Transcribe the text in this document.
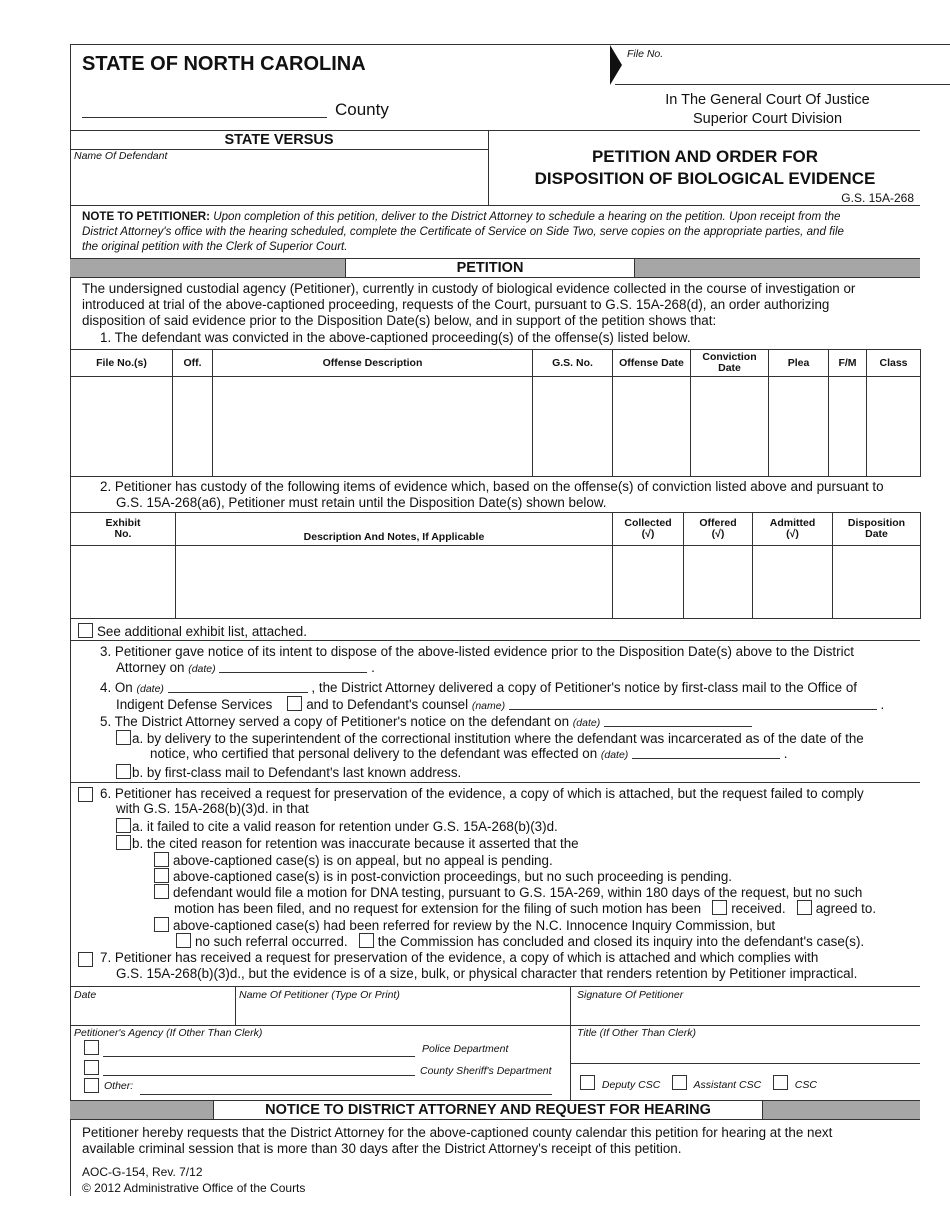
STATE OF NORTH CAROLINA	File No.
County	In The General Court Of Justice
Superior Court Division
STATE VERSUS
Name Of Defendant	PETITION AND ORDER FOR
DISPOSITION OF BIOLOGICAL EVIDENCE
G.S. 15A-268
NOTE TO PETITIONER: Upon completion of this petition, deliver to the District Attorney to schedule a hearing on the petition. Upon receipt from the
District Attorney's office with the hearing scheduled, complete the Certificate of Service on Side Two, serve copies on the appropriate parties, and file
the original petition with the Clerk of Superior Court.
PETITION
The undersigned custodial agency (Petitioner), currently in custody of biological evidence collected in the course of investigation or
introduced at trial of the above-captioned proceeding, requests of the Court, pursuant to G.S. 15A-268(d), an order authorizing
disposition of said evidence prior to the Disposition Date(s) below, and in support of the petition shows that:
1. The defendant was convicted in the above-captioned proceeding(s) of the offense(s) listed below.
File No.(s)	Off.	Offense Description	G.S. No.	Offense Date	Conviction
Date	Plea	F/M	Class

2. Petitioner has custody of the following items of evidence which, based on the offense(s) of conviction listed above and pursuant to
G.S. 15A-268(a6), Petitioner must retain until the Disposition Date(s) shown below.
Exhibit
No.	Description And Notes, If Applicable	Collected
(√)	Offered
(√)	Admitted
(√)	Disposition
Date

See additional exhibit list, attached.
3. Petitioner gave notice of its intent to dispose of the above-listed evidence prior to the Disposition Date(s) above to the District
Attorney on (date)	.
4. On (date)	, the District Attorney delivered a copy of Petitioner's notice by first-class mail to the Office of
Indigent Defense Services	and to Defendant's counsel (name)	.
5. The District Attorney served a copy of Petitioner's notice on the defendant on (date)
a. by delivery to the superintendent of the correctional institution where the defendant was incarcerated as of the date of the
notice, who certified that personal delivery to the defendant was effected on (date)	.
b. by first-class mail to Defendant's last known address.
6. Petitioner has received a request for preservation of the evidence, a copy of which is attached, but the request failed to comply
with G.S. 15A-268(b)(3)d. in that
a. it failed to cite a valid reason for retention under G.S. 15A-268(b)(3)d.
b. the cited reason for retention was inaccurate because it asserted that the
above-captioned case(s) is on appeal, but no appeal is pending.
above-captioned case(s) is in post-conviction proceedings, but no such proceeding is pending.
defendant would file a motion for DNA testing, pursuant to G.S. 15A-269, within 180 days of the request, but no such
motion has been filed, and no request for extension for the filing of such motion has been received. agreed to.
above-captioned case(s) had been referred for review by the N.C. Innocence Inquiry Commission, but
no such referral occurred. the Commission has concluded and closed its inquiry into the defendant's case(s).
7. Petitioner has received a request for preservation of the evidence, a copy of which is attached and which complies with
G.S. 15A-268(b)(3)d., but the evidence is of a size, bulk, or physical character that renders retention by Petitioner impractical.
Date	Name Of Petitioner (Type Or Print)	Signature Of Petitioner
Petitioner's Agency (If Other Than Clerk)
Police Department
County Sheriff's Department
Other:
Title (If Other Than Clerk)
Deputy CSC	Assistant CSC	CSC
NOTICE TO DISTRICT ATTORNEY AND REQUEST FOR HEARING
Petitioner hereby requests that the District Attorney for the above-captioned county calendar this petition for hearing at the next
available criminal session that is more than 30 days after the District Attorney's receipt of this petition.
AOC-G-154, Rev. 7/12
© 2012 Administrative Office of the Courts
